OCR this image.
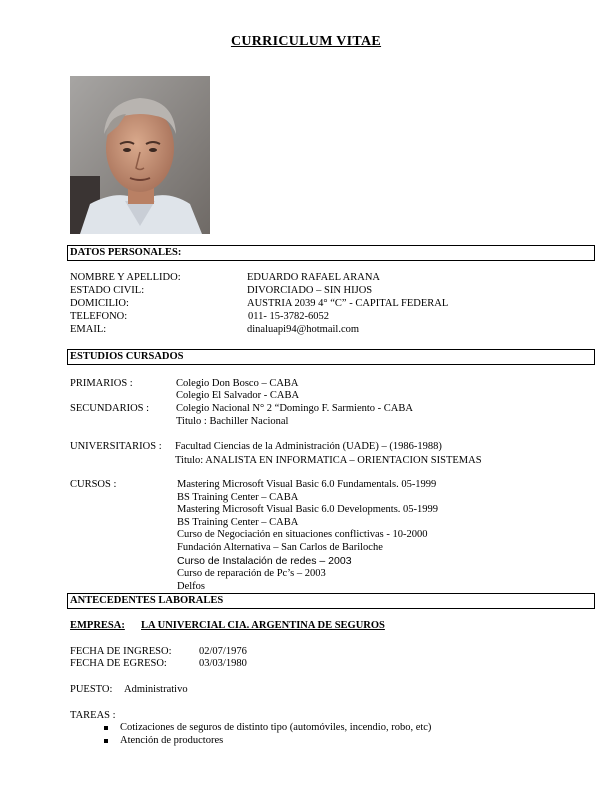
CURRICULUM VITAE
DATOS PERSONALES:
NOMBRE Y APELLIDO:	EDUARDO RAFAEL ARANA
ESTADO CIVIL:	DIVORCIADO – SIN HIJOS
DOMICILIO:	AUSTRIA 2039 4° “C” - CAPITAL FEDERAL
TELEFONO:	011- 15-3782-6052
EMAIL:	dinaluapi94@hotmail.com
ESTUDIOS CURSADOS
PRIMARIOS :	Colegio Don Bosco – CABA
Colegio El Salvador - CABA
SECUNDARIOS :	Colegio Nacional N° 2 “Domingo F. Sarmiento - CABA
Titulo : Bachiller Nacional
UNIVERSITARIOS : Facultad Ciencias de la Administración (UADE) – (1986-1988)
Titulo: ANALISTA EN INFORMATICA – ORIENTACION SISTEMAS
CURSOS :	Mastering Microsoft Visual Basic 6.0 Fundamentals. 05-1999
BS Training Center – CABA
Mastering Microsoft Visual Basic 6.0 Developments. 05-1999
BS Training Center – CABA
Curso de Negociación en situaciones conflictivas - 10-2000
Fundación Alternativa – San Carlos de Bariloche
Curso de Instalación de redes – 2003
Curso de reparación de Pc’s – 2003
Delfos
ANTECEDENTES LABORALES
EMPRESA: LA UNIVERCIAL CIA. ARGENTINA DE SEGUROS
FECHA DE INGRESO:	02/07/1976
FECHA DE EGRESO:	03/03/1980
PUESTO: Administrativo
TAREAS :
Cotizaciones de seguros de distinto tipo (automóviles, incendio, robo, etc)
Atención de productores
